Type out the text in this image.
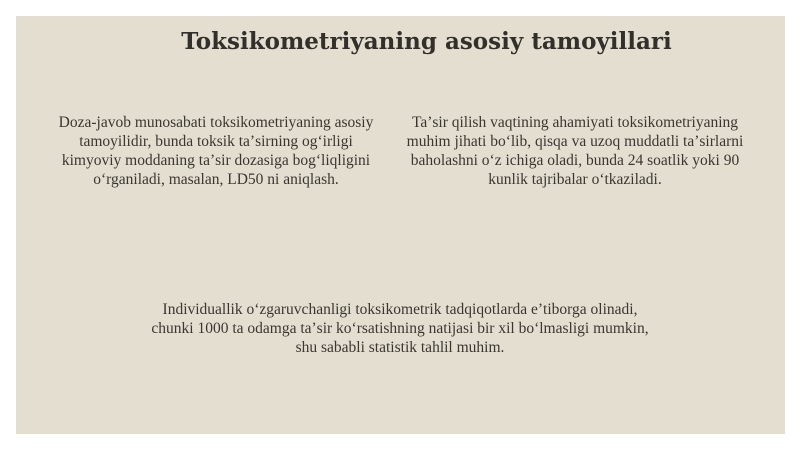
Toksikometriyaning asosiy tamoyillari
Doza-javob munosabati toksikometriyaning asosiy tamoyilidir, bunda toksik taʼsirning ogʻirligi kimyoviy moddaning taʼsir dozasiga bogʻliqligini oʻrganiladi, masalan, LD50 ni aniqlash.
Taʼsir qilish vaqtining ahamiyati toksikometriyaning muhim jihati boʻlib, qisqa va uzoq muddatli taʼsirlarni baholashni oʻz ichiga oladi, bunda 24 soatlik yoki 90 kunlik tajribalar oʻtkaziladi.
Individuallik oʻzgaruvchanligi toksikometrik tadqiqotlarda eʼtiborga olinadi, chunki 1000 ta odamga taʼsir koʻrsatishning natijasi bir xil boʻlmasligi mumkin, shu sababli statistik tahlil muhim.
